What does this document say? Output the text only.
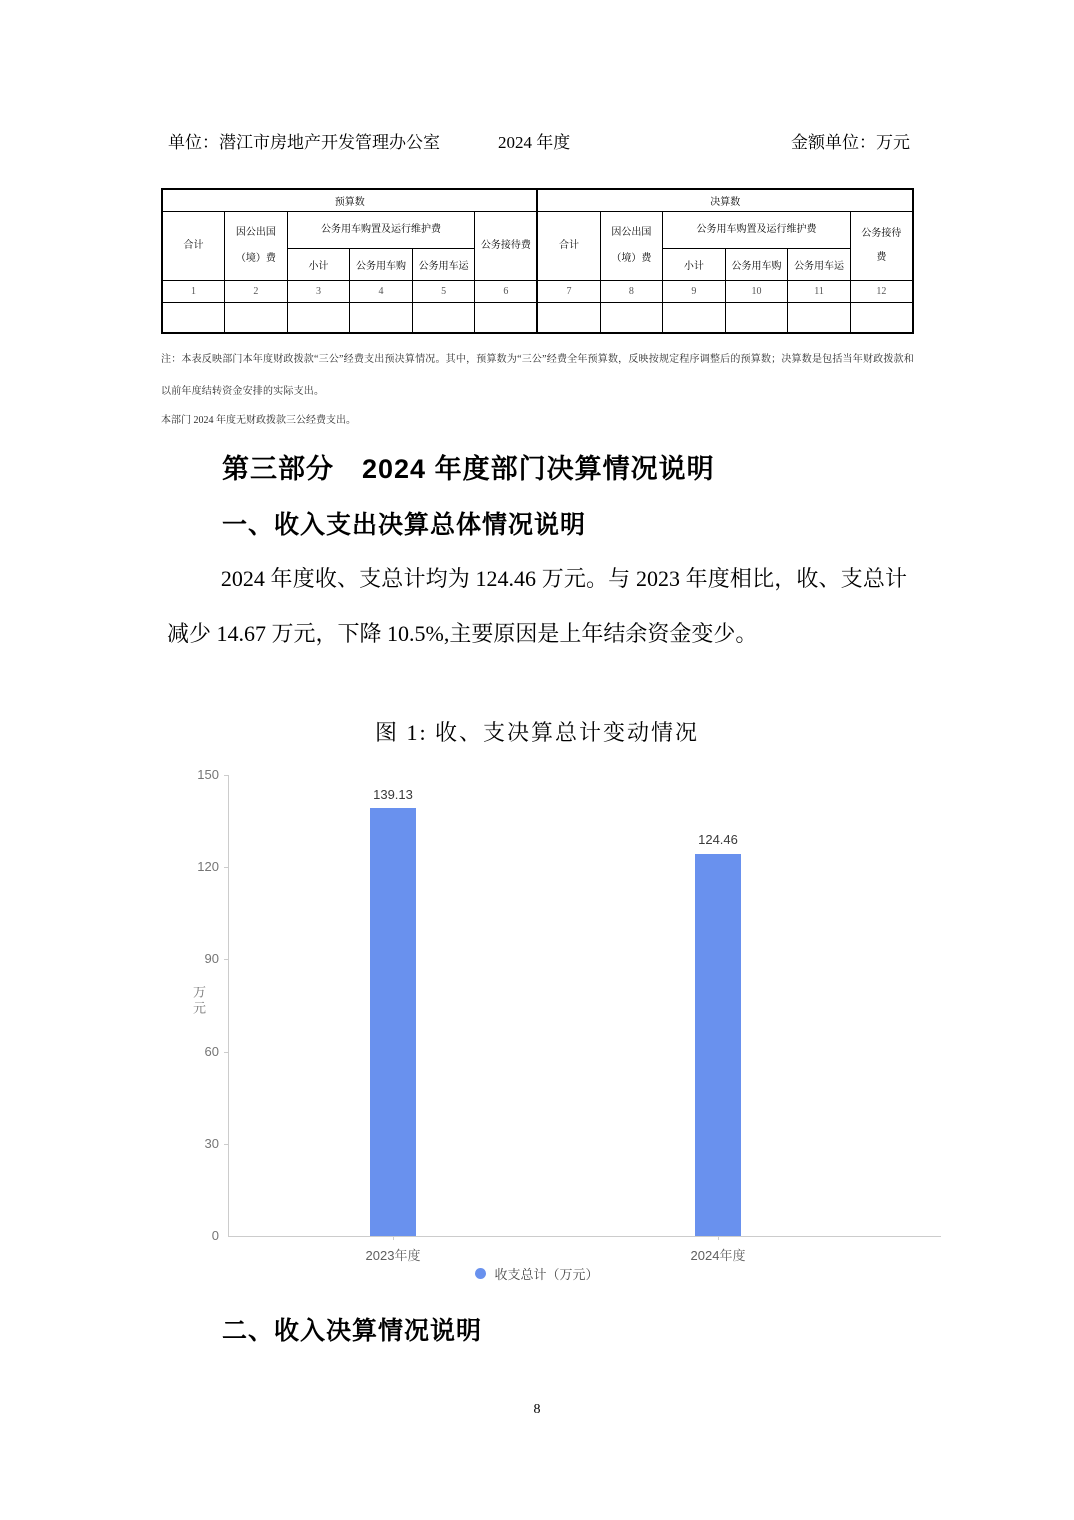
单位：潜江市房地产开发管理办公室	2024 年度	金额单位：万元
预算数						决算数					
合计	因公出国（境）费	公务用车购置及运行维护费			公务接待费	合计	因公出国（境）费	公务用车购置及运行维护费			公务接待费
		小计	公务用车购	公务用车运				小计	公务用车购	公务用车运	
1	2	3	4	5	6	7	8	9	10	11	12

注：本表反映部门本年度财政拨款“三公”经费支出预决算情况。其中，预算数为“三公”经费全年预算数，反映按规定程序调整后的预算数；决算数是包括当年财政拨款和以前年度结转资金安排的实际支出。
本部门 2024 年度无财政拨款三公经费支出。
第三部分　2024 年度部门决算情况说明
一、收入支出决算总体情况说明
2024 年度收、支总计均为 124.46 万元。与 2023 年度相比，收、支总计减少 14.67 万元，下降 10.5%,主要原因是上年结余资金变少。
图 1: 收、支决算总计变动情况
万元
0
30
60
90
120
150
139.13
2023年度
124.46
2024年度
收支总计（万元）
二、收入决算情况说明
8
